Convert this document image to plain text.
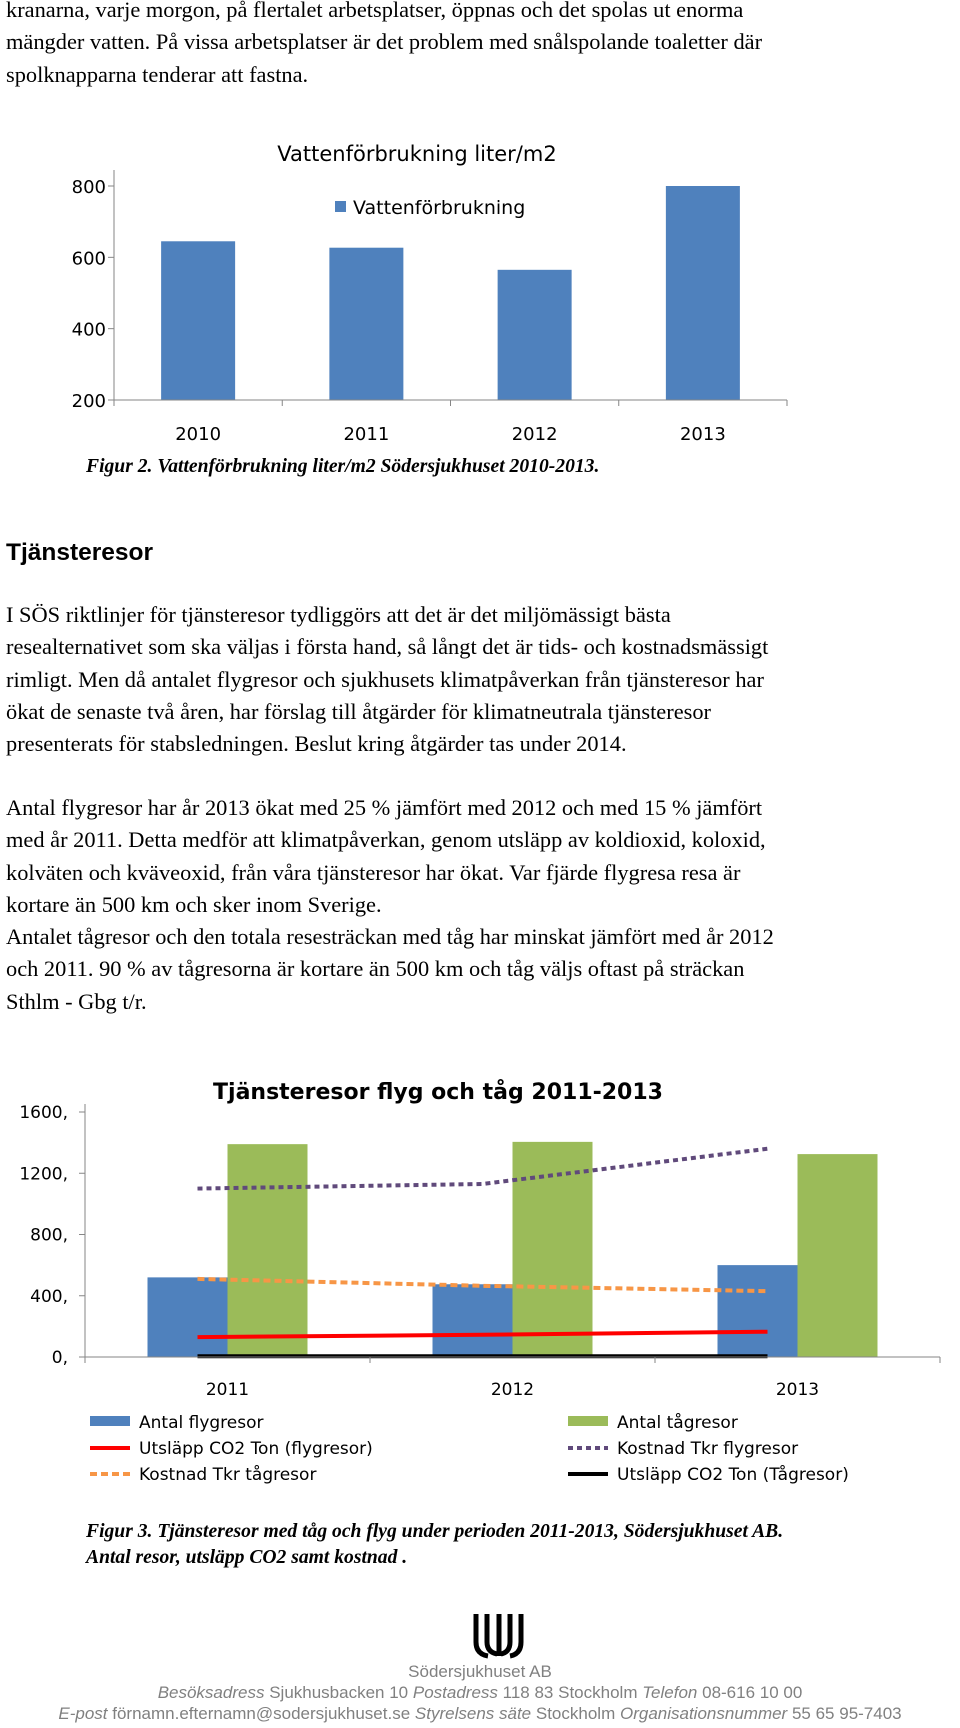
kranarna, varje morgon, på flertalet arbetsplatser, öppnas och det spolas ut enorma
mängder vatten. På vissa arbetsplatser är det problem med snålspolande toaletter där
spolknapparna tenderar att fastna.
Vattenförbrukning liter/m2
Vattenförbrukning
800
600
400
200
2010	2011	2012	2013
Figur 2. Vattenförbrukning liter/m2 Södersjukhuset 2010-2013.
Tjänsteresor
I SÖS riktlinjer för tjänsteresor tydliggörs att det är det miljömässigt bästa
resealternativet som ska väljas i första hand, så långt det är tids- och kostnadsmässigt
rimligt. Men då antalet flygresor och sjukhusets klimatpåverkan från tjänsteresor har
ökat de senaste två åren, har förslag till åtgärder för klimatneutrala tjänsteresor
presenterats för stabsledningen. Beslut kring åtgärder tas under 2014.
Antal flygresor har år 2013 ökat med 25 % jämfört med 2012 och med 15 % jämfört
med år 2011. Detta medför att klimatpåverkan, genom utsläpp av koldioxid, koloxid,
kolväten och kväveoxid, från våra tjänsteresor har ökat. Var fjärde flygresa resa är
kortare än 500 km och sker inom Sverige.
Antalet tågresor och den totala resesträckan med tåg har minskat jämfört med år 2012
och 2011. 90 % av tågresorna är kortare än 500 km och tåg väljs oftast på sträckan
Sthlm - Gbg t/r.
Tjänsteresor flyg och tåg 2011-2013
1600,
1200,
800,
400,
0,
2011	2012	2013
Antal flygresor	Antal tågresor
Utsläpp CO2 Ton (flygresor)	Kostnad Tkr flygresor
Kostnad Tkr tågresor	Utsläpp CO2 Ton (Tågresor)
Figur 3. Tjänsteresor med tåg och flyg under perioden 2011-2013, Södersjukhuset AB.
Antal resor, utsläpp CO2 samt kostnad .
Södersjukhuset AB
Besöksadress Sjukhusbacken 10 Postadress 118 83 Stockholm Telefon 08-616 10 00
E-post förnamn.efternamn@sodersjukhuset.se Styrelsens säte Stockholm Organisationsnummer 55 65 95-7403
